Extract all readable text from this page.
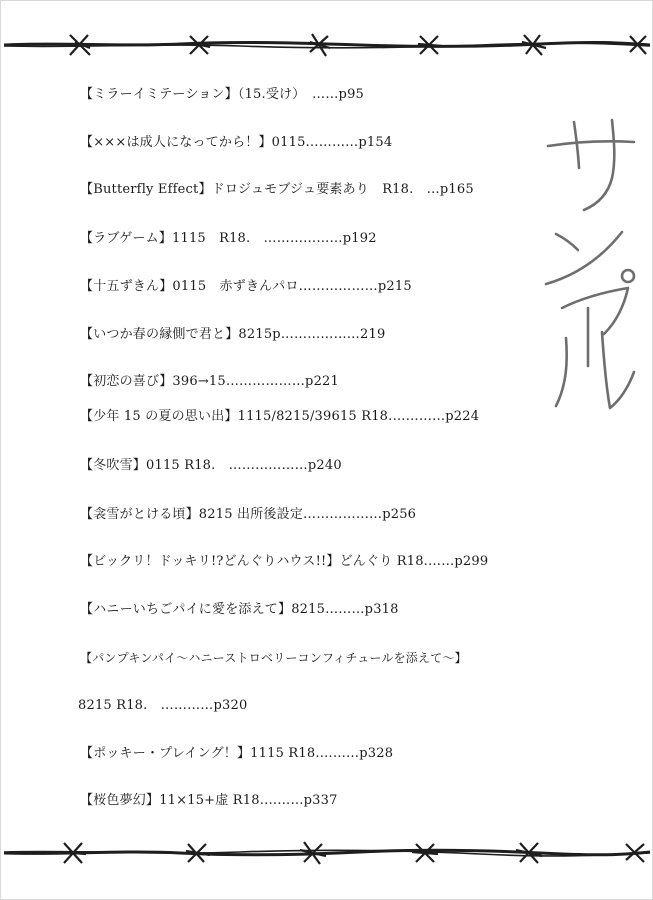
【ミラーイミテーション】（15.受け）　……p95
【×××は成人になってから！】0115…………p154
【Butterfly Effect】ドロジュモブジュ要素あり　R18.　…p165
【ラブゲーム】1115　R18.　………………p192
【十五ずきん】0115　赤ずきんパロ………………p215
【いつか春の縁側で君と】8215p………………219
【初恋の喜び】396→15………………p221
【少年 15 の夏の思い出】1115/8215/39615 R18.…………p224
【冬吹雪】0115 R18.　………………p240
【衾雪がとける頃】8215 出所後設定………………p256
【ビックリ！ドッキリ!?どんぐりハウス!!】どんぐり R18.……p299
【ハニーいちごパイに愛を添えて】8215………p318
【パンプキンパイ～ハニーストロベリーコンフィチュールを添えて～】
8215 R18.　…………p320
【ポッキー・プレイング！】1115 R18.………p328
【桜色夢幻】11×15+虚 R18.………p337
